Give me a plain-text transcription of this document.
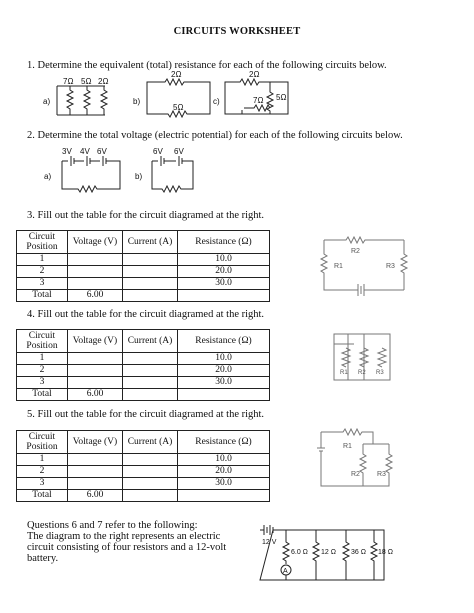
CIRCUITS WORKSHEET
1. Determine the equivalent (total) resistance for each of the following circuits below.
a)
7Ω 5Ω 2Ω
b)
2Ω
5Ω
c)
2Ω
5Ω
7Ω
2. Determine the total voltage (electric potential) for each of the following circuits below.
3V 4V 6V
a)
6V 6V
b)
3. Fill out the table for the circuit diagramed at the right.
Circuit
Position	Voltage (V)	Current (A)	Resistance (Ω)
1			10.0
2			20.0
3			30.0
Total	6.00		
R2
R1	R3
4. Fill out the table for the circuit diagramed at the right.
Circuit
Position	Voltage (V)	Current (A)	Resistance (Ω)
1			10.0
2			20.0
3			30.0
Total	6.00		
R1 R2 R3
5. Fill out the table for the circuit diagramed at the right.
Circuit
Position	Voltage (V)	Current (A)	Resistance (Ω)
1			10.0
2			20.0
3			30.0
Total	6.00		
R1
R2 R3
Questions 6 and 7 refer to the following:
The diagram to the right represents an electric
circuit consisting of four resistors and a 12-volt
battery.
12 V
6.0 Ω 12 Ω 36 Ω 18 Ω
A
